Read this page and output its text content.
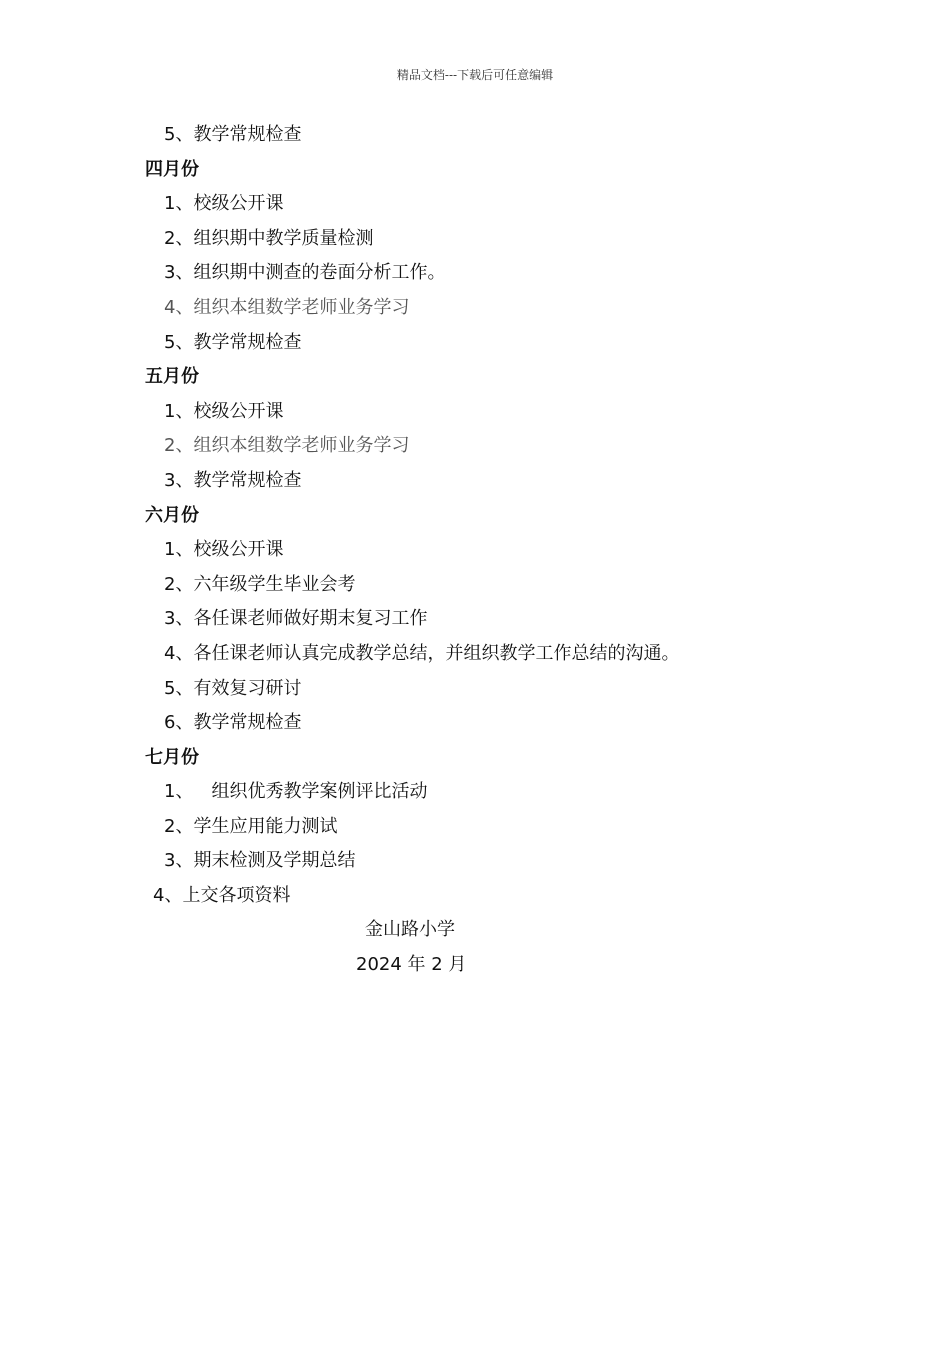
精品文档---下载后可任意编辑
5、教学常规检查
四月份
1、校级公开课
2、组织期中教学质量检测
3、组织期中测查的卷面分析工作。
4、组织本组数学老师业务学习
5、教学常规检查
五月份
1、校级公开课
2、组织本组数学老师业务学习
3、教学常规检查
六月份
1、校级公开课
2、六年级学生毕业会考
3、各任课老师做好期末复习工作
4、各任课老师认真完成教学总结，并组织教学工作总结的沟通。
5、有效复习研讨
6、教学常规检查
七月份
1、 组织优秀教学案例评比活动
2、学生应用能力测试
3、期末检测及学期总结
4、上交各项资料
金山路小学
2024 年 2 月
